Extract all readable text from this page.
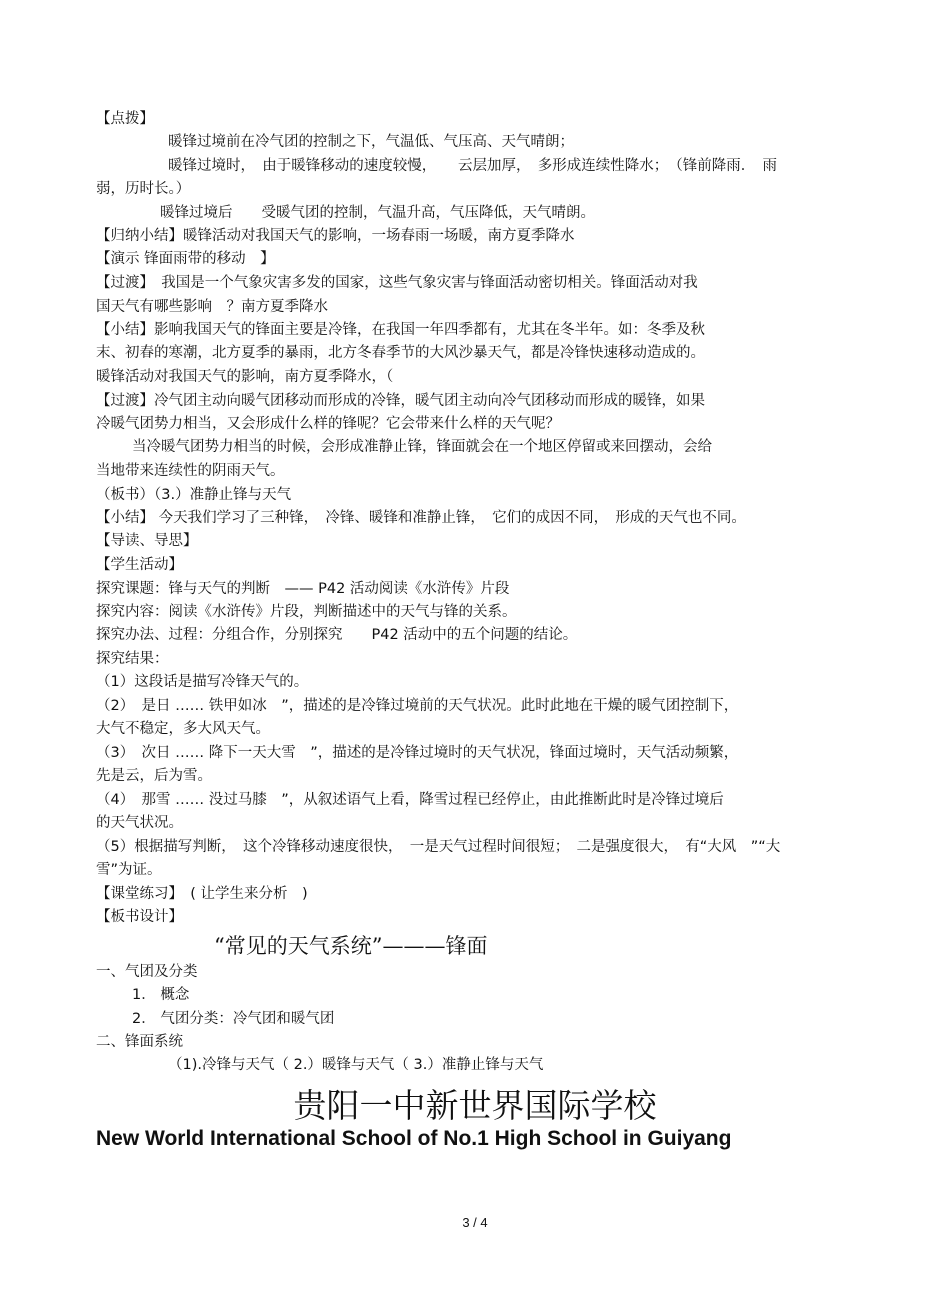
【点拨】
暖锋过境前在冷气团的控制之下，气温低、气压高、天气晴朗；
暖锋过境时，　由于暖锋移动的速度较慢，　　云层加厚，　多形成连续性降水；　（锋前降雨．　雨
弱，历时长。）
暖锋过境后　　受暖气团的控制，气温升高，气压降低，天气晴朗。
【归纳小结】暖锋活动对我国天气的影响，一场春雨一场暖，南方夏季降水
【演示 锋面雨带的移动　】
【过渡】　我国是一个气象灾害多发的国家，这些气象灾害与锋面活动密切相关。锋面活动对我
国天气有哪些影响　？南方夏季降水
【小结】影响我国天气的锋面主要是冷锋，在我国一年四季都有，尤其在冬半年。如：冬季及秋
末、初春的寒潮，北方夏季的暴雨，北方冬春季节的大风沙暴天气，都是冷锋快速移动造成的。
暖锋活动对我国天气的影响，南方夏季降水，（
【过渡】冷气团主动向暖气团移动而形成的冷锋，暖气团主动向冷气团移动而形成的暖锋，如果
冷暖气团势力相当，又会形成什么样的锋呢？它会带来什么样的天气呢？
当冷暖气团势力相当的时候，会形成准静止锋，锋面就会在一个地区停留或来回摆动，会给
当地带来连续性的阴雨天气。
（板书）（3.）准静止锋与天气
【小结】 今天我们学习了三种锋，　冷锋、暖锋和准静止锋，　它们的成因不同，　形成的天气也不同。
【导读、导思】
【学生活动】
探究课题：锋与天气的判断　—— P42 活动阅读《水浒传》片段
探究内容：阅读《水浒传》片段，判断描述中的天气与锋的关系。
探究办法、过程：分组合作，分别探究　　P42 活动中的五个问题的结论。
探究结果：
（1）这段话是描写冷锋天气的。
（2）　是日 …… 铁甲如冰　”，描述的是冷锋过境前的天气状况。此时此地在干燥的暖气团控制下，
大气不稳定，多大风天气。
（3）　次日 …… 降下一天大雪　”，描述的是冷锋过境时的天气状况，锋面过境时，天气活动频繁，
先是云，后为雪。
（4）　那雪 …… 没过马膝　”，从叙述语气上看，降雪过程已经停止，由此推断此时是冷锋过境后
的天气状况。
（5）根据描写判断，　这个冷锋移动速度很快，　一是天气过程时间很短；　二是强度很大，　有“大风　”“大
雪”为证。
【课堂练习】　( 让学生来分析　)
【板书设计】
“常见的天气系统”———锋面
一、气团及分类
1． 概念
2． 气团分类：冷气团和暖气团
二、锋面系统
（1).冷锋与天气（ 2.）暖锋与天气（ 3.）准静止锋与天气
贵阳一中新世界国际学校
New World International School of No.1 High School in Guiyang
3 / 4
